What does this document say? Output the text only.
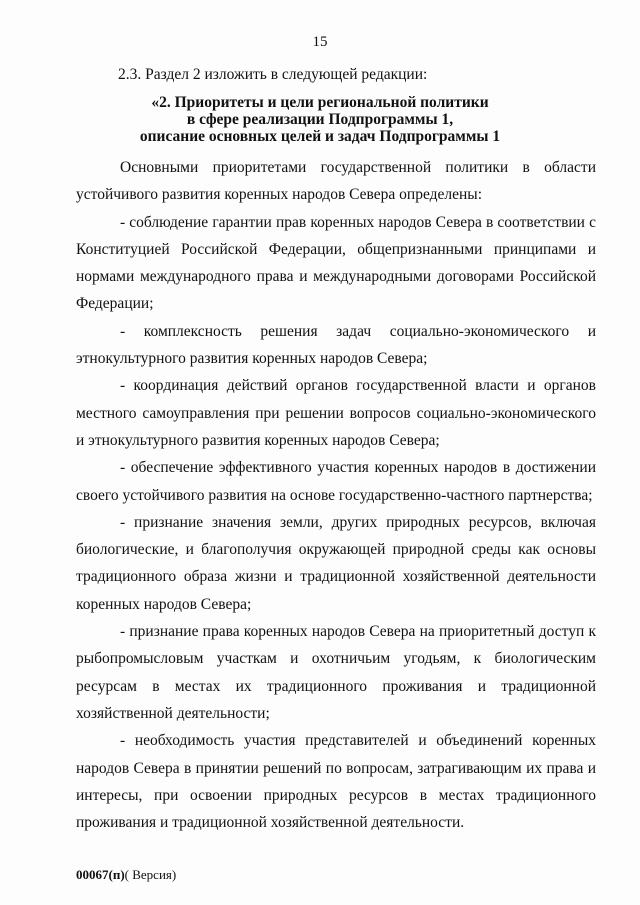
15
2.3. Раздел 2 изложить в следующей редакции:
«2. Приоритеты и цели региональной политики
в сфере реализации Подпрограммы 1,
описание основных целей и задач Подпрограммы 1

Основными приоритетами государственной политики в области устойчивого развития коренных народов Севера определены:

- соблюдение гарантии прав коренных народов Севера в соответствии с Конституцией Российской Федерации, общепризнанными принципами и нормами международного права и международными договорами Российской Федерации;

- комплексность решения задач социально-экономического и этнокультурного развития коренных народов Севера;

- координация действий органов государственной власти и органов местного самоуправления при решении вопросов социально-экономического и этнокультурного развития коренных народов Севера;

- обеспечение эффективного участия коренных народов в достижении своего устойчивого развития на основе государственно-частного партнерства;

- признание значения земли, других природных ресурсов, включая биологические, и благополучия окружающей природной среды как основы традиционного образа жизни и традиционной хозяйственной деятельности коренных народов Севера;

- признание права коренных народов Севера на приоритетный доступ к рыбопромысловым участкам и охотничьим угодьям, к биологическим ресурсам в местах их традиционного проживания и традиционной хозяйственной деятельности;

- необходимость участия представителей и объединений коренных народов Севера в принятии решений по вопросам, затрагивающим их права и интересы, при освоении природных ресурсов в местах традиционного проживания и традиционной хозяйственной деятельности.

00067(п)( Версия)
